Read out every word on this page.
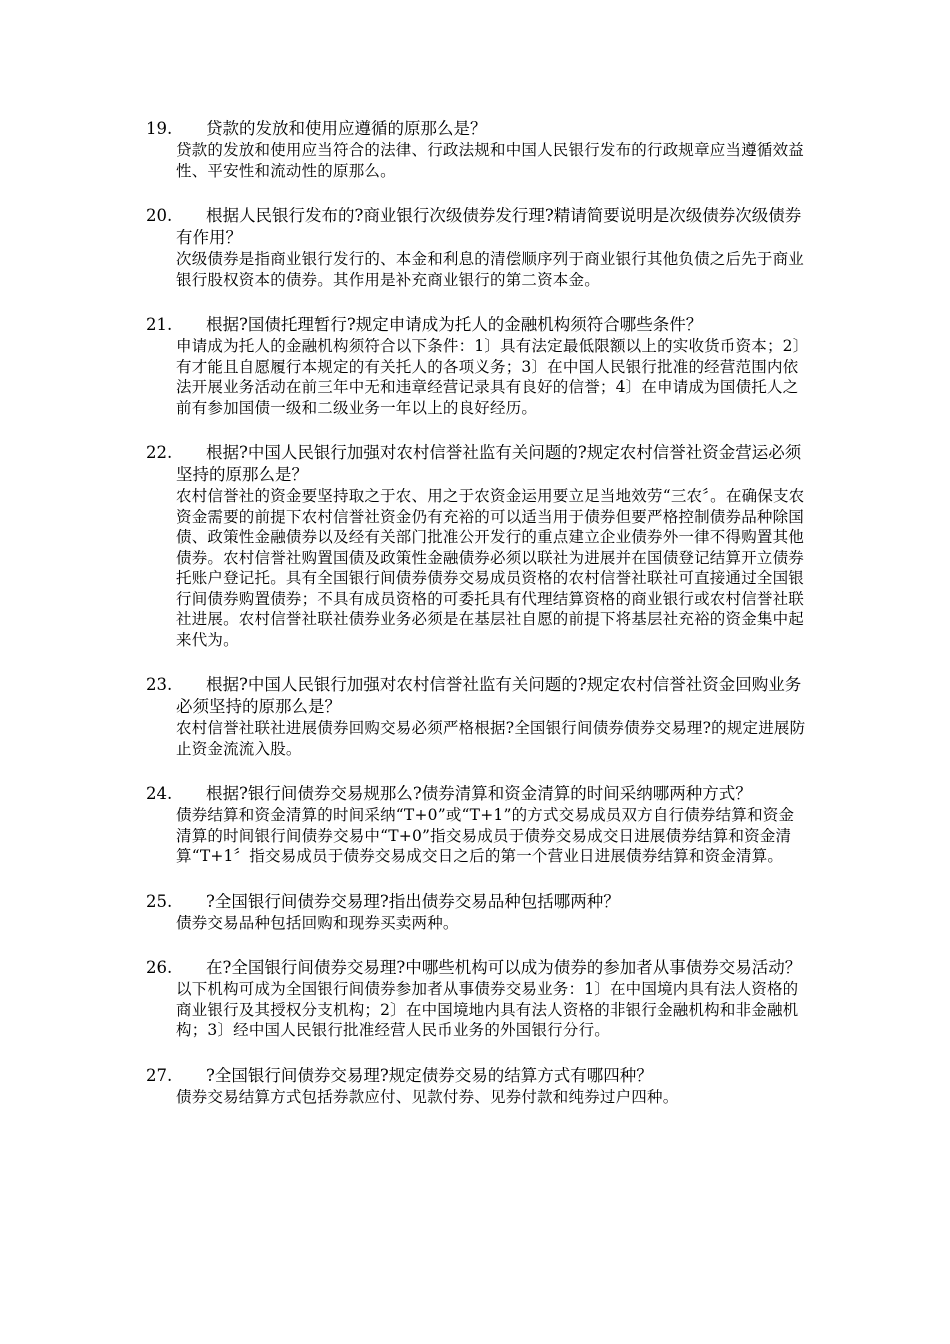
19.	贷款的发放和使用应遵循的原那么是？
贷款的发放和使用应当符合的法律、行政法规和中国人民银行发布的行政规章应当遵循效益性、平安性和流动性的原那么。
20.	根据人民银行发布的?商业银行次级债券发行理?精请简要说明是次级债券次级债券有作用？
次级债券是指商业银行发行的、本金和利息的清偿顺序列于商业银行其他负债之后先于商业银行股权资本的债券。其作用是补充商业银行的第二资本金。
21.	根据?国债托理暂行?规定申请成为托人的金融机构须符合哪些条件？
申请成为托人的金融机构须符合以下条件：1〕具有法定最低限额以上的实收货币资本；2〕有才能且自愿履行本规定的有关托人的各项义务；3〕在中国人民银行批准的经营范围内依法开展业务活动在前三年中无和违章经营记录具有良好的信誉；4〕在申请成为国债托人之前有参加国债一级和二级业务一年以上的良好经历。
22.	根据?中国人民银行加强对农村信誉社监有关问题的?规定农村信誉社资金营运必须坚持的原那么是？
农村信誉社的资金要坚持取之于农、用之于农资金运用要立足当地效劳“三农〞。在确保支农资金需要的前提下农村信誉社资金仍有充裕的可以适当用于债券但要严格控制债券品种除国债、政策性金融债券以及经有关部门批准公开发行的重点建立企业债券外一律不得购置其他债券。农村信誉社购置国债及政策性金融债券必须以联社为进展并在国债登记结算开立债券托账户登记托。具有全国银行间债券债券交易成员资格的农村信誉社联社可直接通过全国银行间债券购置债券；不具有成员资格的可委托具有代理结算资格的商业银行或农村信誉社联社进展。农村信誉社联社债券业务必须是在基层社自愿的前提下将基层社充裕的资金集中起来代为。
23.	根据?中国人民银行加强对农村信誉社监有关问题的?规定农村信誉社资金回购业务必须坚持的原那么是？
农村信誉社联社进展债券回购交易必须严格根据?全国银行间债券债券交易理?的规定进展防止资金流流入股。
24.	根据?银行间债券交易规那么?债券清算和资金清算的时间采纳哪两种方式？
债券结算和资金清算的时间采纳“T+0”或“T+1”的方式交易成员双方自行债券结算和资金清算的时间银行间债券交易中“T+0”指交易成员于债券交易成交日进展债券结算和资金清算“T+1〞指交易成员于债券交易成交日之后的第一个营业日进展债券结算和资金清算。
25.	?全国银行间债券交易理?指出债券交易品种包括哪两种？
债券交易品种包括回购和现券买卖两种。
26.	在?全国银行间债券交易理?中哪些机构可以成为债券的参加者从事债券交易活动？
以下机构可成为全国银行间债券参加者从事债券交易业务：1〕在中国境内具有法人资格的商业银行及其授权分支机构；2〕在中国境地内具有法人资格的非银行金融机构和非金融机构；3〕经中国人民银行批准经营人民币业务的外国银行分行。
27.	?全国银行间债券交易理?规定债券交易的结算方式有哪四种？
债券交易结算方式包括券款应付、见款付券、见券付款和纯券过户四种。
